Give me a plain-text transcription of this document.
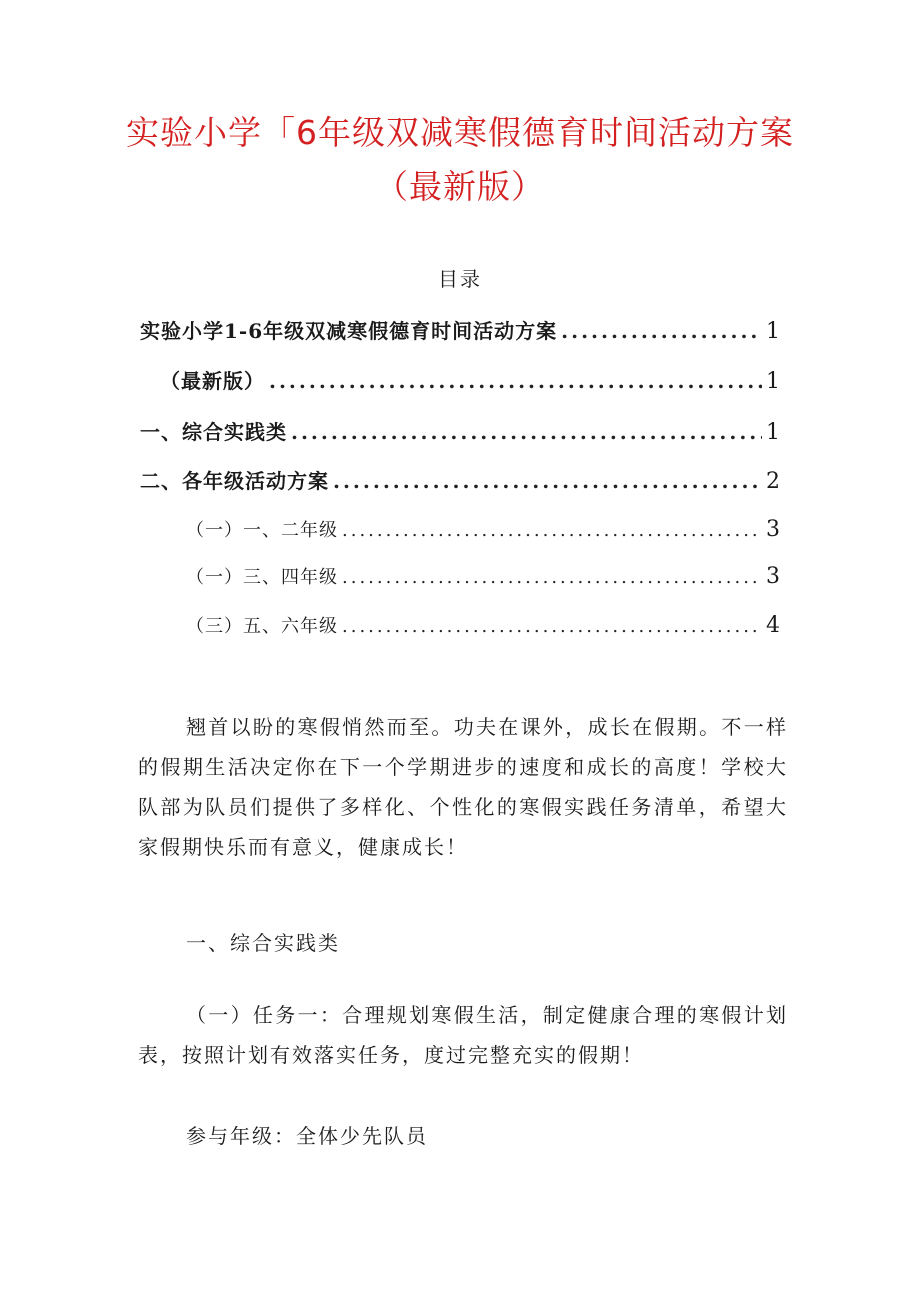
实验小学「6年级双减寒假德育时间活动方案（最新版）
目录
实验小学1-6年级双减寒假德育时间活动方案 .....	1
（最新版） .....	1
一、综合实践类 .....	1
二、各年级活动方案 .....	2
（一）一、二年级 .....	3
（一）三、四年级 .....	3
（三）五、六年级 .....	4

翘首以盼的寒假悄然而至。功夫在课外，成长在假期。不一样的假期生活决定你在下一个学期进步的速度和成长的高度！学校大队部为队员们提供了多样化、个性化的寒假实践任务清单，希望大家假期快乐而有意义，健康成长！

一、综合实践类

（一）任务一：合理规划寒假生活，制定健康合理的寒假计划表，按照计划有效落实任务，度过完整充实的假期！

参与年级：全体少先队员
